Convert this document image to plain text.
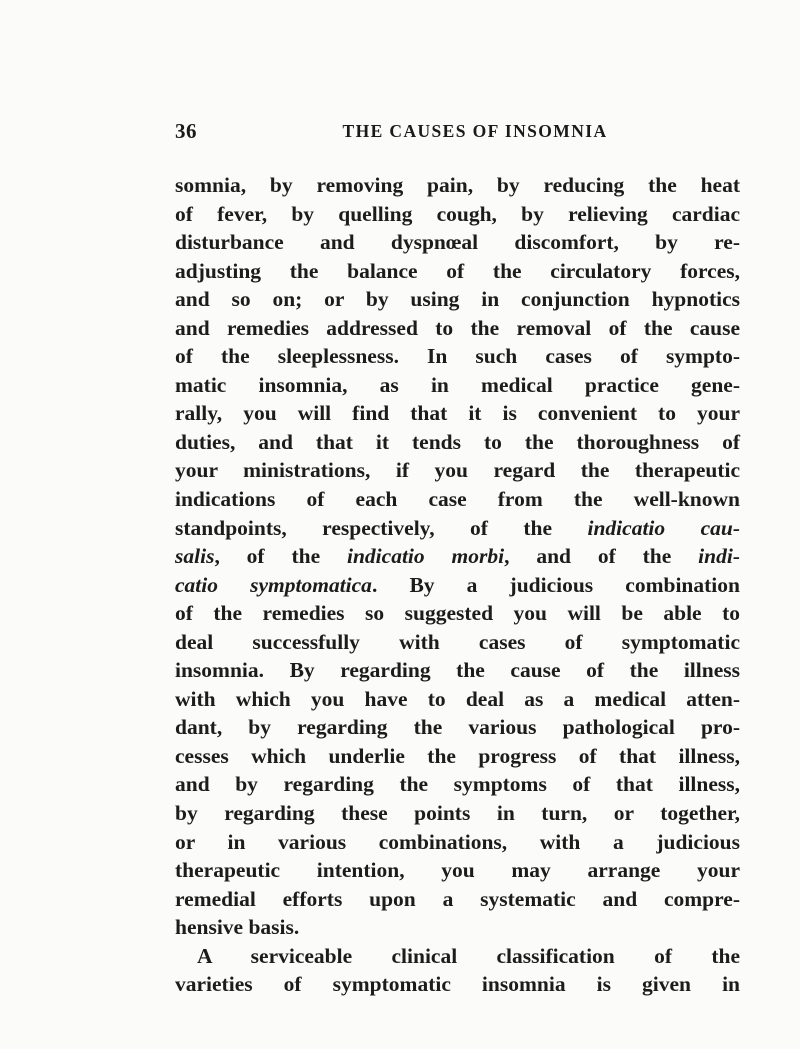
36	THE CAUSES OF INSOMNIA
somnia, by removing pain, by reducing the heat
of fever, by quelling cough, by relieving cardiac
disturbance and dyspnœal discomfort, by re-
adjusting the balance of the circulatory forces,
and so on; or by using in conjunction hypnotics
and remedies addressed to the removal of the cause
of the sleeplessness. In such cases of sympto-
matic insomnia, as in medical practice gene-
rally, you will find that it is convenient to your
duties, and that it tends to the thoroughness of
your ministrations, if you regard the therapeutic
indications of each case from the well-known
standpoints, respectively, of the indicatio cau-
salis, of the indicatio morbi, and of the indi-
catio symptomatica. By a judicious combination
of the remedies so suggested you will be able to
deal successfully with cases of symptomatic
insomnia. By regarding the cause of the illness
with which you have to deal as a medical atten-
dant, by regarding the various pathological pro-
cesses which underlie the progress of that illness,
and by regarding the symptoms of that illness,
by regarding these points in turn, or together,
or in various combinations, with a judicious
therapeutic intention, you may arrange your
remedial efforts upon a systematic and compre-
hensive basis.
A serviceable clinical classification of the
varieties of symptomatic insomnia is given in
